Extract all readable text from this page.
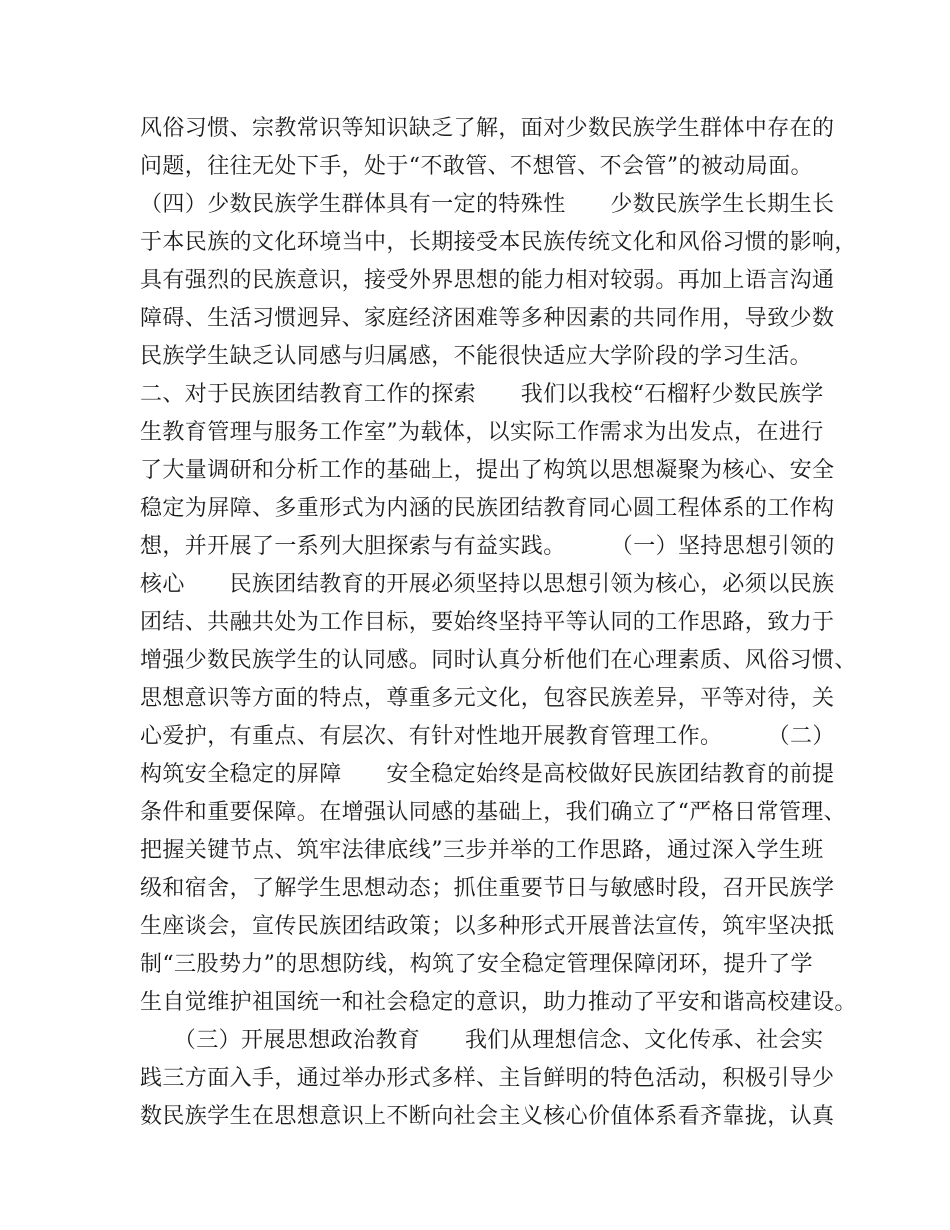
风俗习惯、宗教常识等知识缺乏了解，面对少数民族学生群体中存在的
问题，往往无处下手，处于“不敢管、不想管、不会管”的被动局面。
（四）少数民族学生群体具有一定的特殊性　　少数民族学生长期生长
于本民族的文化环境当中，长期接受本民族传统文化和风俗习惯的影响，
具有强烈的民族意识，接受外界思想的能力相对较弱。再加上语言沟通
障碍、生活习惯迥异、家庭经济困难等多种因素的共同作用，导致少数
民族学生缺乏认同感与归属感，不能很快适应大学阶段的学习生活。
二、对于民族团结教育工作的探索　　我们以我校“石榴籽少数民族学
生教育管理与服务工作室”为载体，以实际工作需求为出发点，在进行
了大量调研和分析工作的基础上，提出了构筑以思想凝聚为核心、安全
稳定为屏障、多重形式为内涵的民族团结教育同心圆工程体系的工作构
想，并开展了一系列大胆探索与有益实践。　　　（一）坚持思想引领的
核心　　民族团结教育的开展必须坚持以思想引领为核心，必须以民族
团结、共融共处为工作目标，要始终坚持平等认同的工作思路，致力于
增强少数民族学生的认同感。同时认真分析他们在心理素质、风俗习惯、
思想意识等方面的特点，尊重多元文化，包容民族差异，平等对待，关
心爱护，有重点、有层次、有针对性地开展教育管理工作。　　　（二）
构筑安全稳定的屏障　　安全稳定始终是高校做好民族团结教育的前提
条件和重要保障。在增强认同感的基础上，我们确立了“严格日常管理、
把握关键节点、筑牢法律底线”三步并举的工作思路，通过深入学生班
级和宿舍，了解学生思想动态；抓住重要节日与敏感时段，召开民族学
生座谈会，宣传民族团结政策；以多种形式开展普法宣传，筑牢坚决抵
制“三股势力”的思想防线，构筑了安全稳定管理保障闭环，提升了学
生自觉维护祖国统一和社会稳定的意识，助力推动了平安和谐高校建设。
　　（三）开展思想政治教育　　我们从理想信念、文化传承、社会实
践三方面入手，通过举办形式多样、主旨鲜明的特色活动，积极引导少
数民族学生在思想意识上不断向社会主义核心价值体系看齐靠拢，认真
